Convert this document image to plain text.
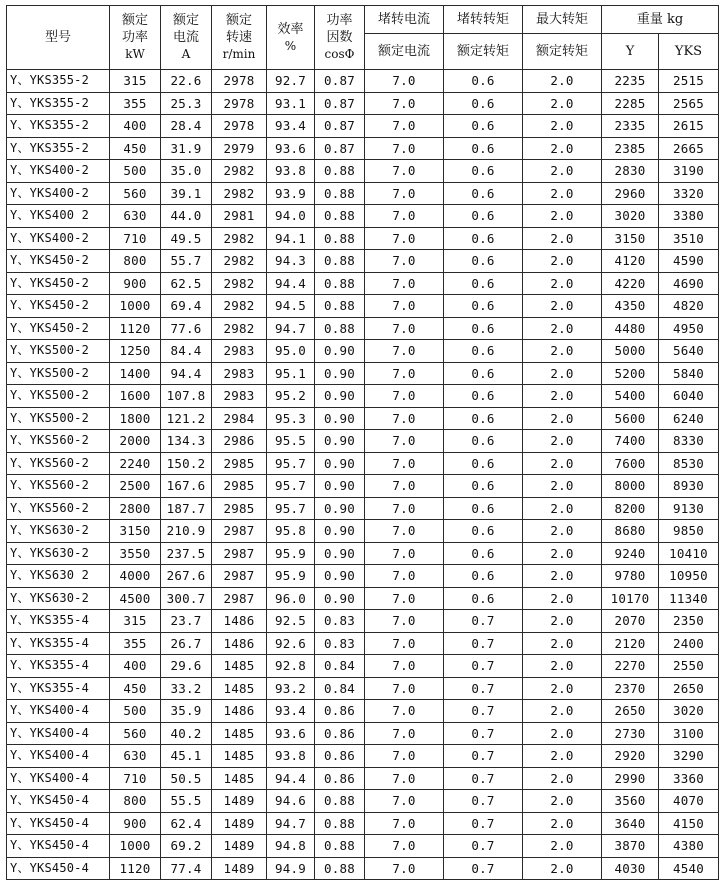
型号	额定
功率
kW	额定
电流
A	额定
转速
r/min	效率
%	功率
因数
cosΦ	堵转电流	堵转转矩	最大转矩	重量 kg	
						额定电流	额定转矩	额定转矩	Y	YKS
Y、YKS355-2	315	22.6	2978	92.7	0.87	7.0	0.6	2.0	2235	2515
Y、YKS355-2	355	25.3	2978	93.1	0.87	7.0	0.6	2.0	2285	2565
Y、YKS355-2	400	28.4	2978	93.4	0.87	7.0	0.6	2.0	2335	2615
Y、YKS355-2	450	31.9	2979	93.6	0.87	7.0	0.6	2.0	2385	2665
Y、YKS400-2	500	35.0	2982	93.8	0.88	7.0	0.6	2.0	2830	3190
Y、YKS400-2	560	39.1	2982	93.9	0.88	7.0	0.6	2.0	2960	3320
Y、YKS400 2	630	44.0	2981	94.0	0.88	7.0	0.6	2.0	3020	3380
Y、YKS400-2	710	49.5	2982	94.1	0.88	7.0	0.6	2.0	3150	3510
Y、YKS450-2	800	55.7	2982	94.3	0.88	7.0	0.6	2.0	4120	4590
Y、YKS450-2	900	62.5	2982	94.4	0.88	7.0	0.6	2.0	4220	4690
Y、YKS450-2	1000	69.4	2982	94.5	0.88	7.0	0.6	2.0	4350	4820
Y、YKS450-2	1120	77.6	2982	94.7	0.88	7.0	0.6	2.0	4480	4950
Y、YKS500-2	1250	84.4	2983	95.0	0.90	7.0	0.6	2.0	5000	5640
Y、YKS500-2	1400	94.4	2983	95.1	0.90	7.0	0.6	2.0	5200	5840
Y、YKS500-2	1600	107.8	2983	95.2	0.90	7.0	0.6	2.0	5400	6040
Y、YKS500-2	1800	121.2	2984	95.3	0.90	7.0	0.6	2.0	5600	6240
Y、YKS560-2	2000	134.3	2986	95.5	0.90	7.0	0.6	2.0	7400	8330
Y、YKS560-2	2240	150.2	2985	95.7	0.90	7.0	0.6	2.0	7600	8530
Y、YKS560-2	2500	167.6	2985	95.7	0.90	7.0	0.6	2.0	8000	8930
Y、YKS560-2	2800	187.7	2985	95.7	0.90	7.0	0.6	2.0	8200	9130
Y、YKS630-2	3150	210.9	2987	95.8	0.90	7.0	0.6	2.0	8680	9850
Y、YKS630-2	3550	237.5	2987	95.9	0.90	7.0	0.6	2.0	9240	10410
Y、YKS630 2	4000	267.6	2987	95.9	0.90	7.0	0.6	2.0	9780	10950
Y、YKS630-2	4500	300.7	2987	96.0	0.90	7.0	0.6	2.0	10170	11340
Y、YKS355-4	315	23.7	1486	92.5	0.83	7.0	0.7	2.0	2070	2350
Y、YKS355-4	355	26.7	1486	92.6	0.83	7.0	0.7	2.0	2120	2400
Y、YKS355-4	400	29.6	1485	92.8	0.84	7.0	0.7	2.0	2270	2550
Y、YKS355-4	450	33.2	1485	93.2	0.84	7.0	0.7	2.0	2370	2650
Y、YKS400-4	500	35.9	1486	93.4	0.86	7.0	0.7	2.0	2650	3020
Y、YKS400-4	560	40.2	1485	93.6	0.86	7.0	0.7	2.0	2730	3100
Y、YKS400-4	630	45.1	1485	93.8	0.86	7.0	0.7	2.0	2920	3290
Y、YKS400-4	710	50.5	1485	94.4	0.86	7.0	0.7	2.0	2990	3360
Y、YKS450-4	800	55.5	1489	94.6	0.88	7.0	0.7	2.0	3560	4070
Y、YKS450-4	900	62.4	1489	94.7	0.88	7.0	0.7	2.0	3640	4150
Y、YKS450-4	1000	69.2	1489	94.8	0.88	7.0	0.7	2.0	3870	4380
Y、YKS450-4	1120	77.4	1489	94.9	0.88	7.0	0.7	2.0	4030	4540
